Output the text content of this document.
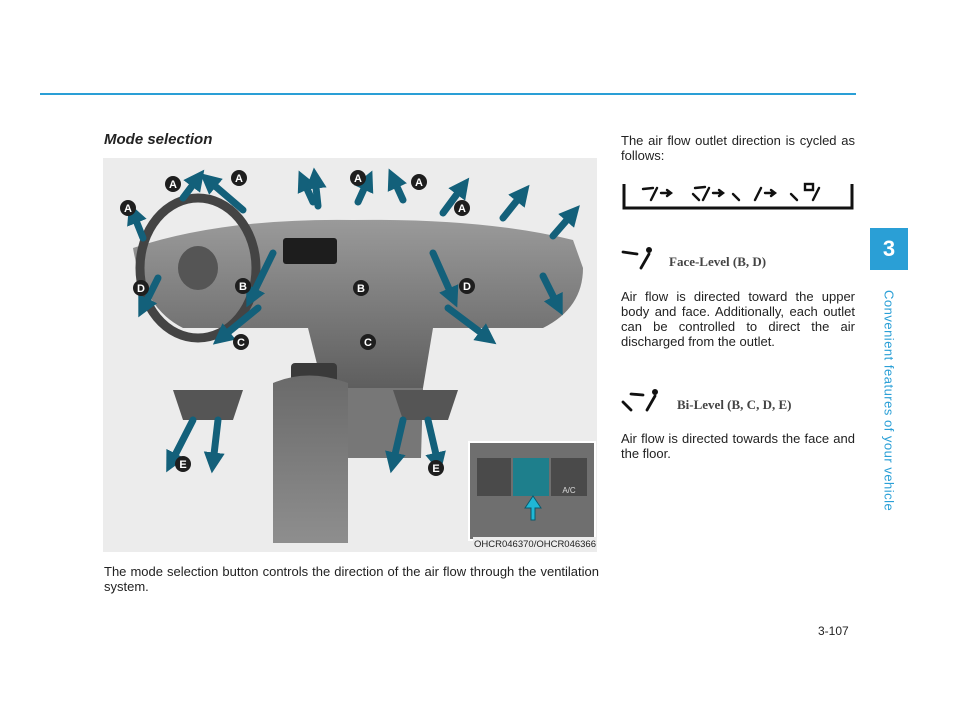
3
Convenient features of your vehicle
Mode selection
A/C
A	A	A	A
A	A
B	B
C	C
D	D
E	E
OHCR046370/OHCR046366
The mode selection button controls the direction of the air flow through the ventilation system.
The air flow outlet direction is cycled as follows:
Face-Level (B, D)
Air flow is directed toward the upper body and face. Additionally, each outlet can be controlled to direct the air discharged from the outlet.
Bi-Level (B, C, D, E)
Air flow is directed towards the face and the floor.
3-107
